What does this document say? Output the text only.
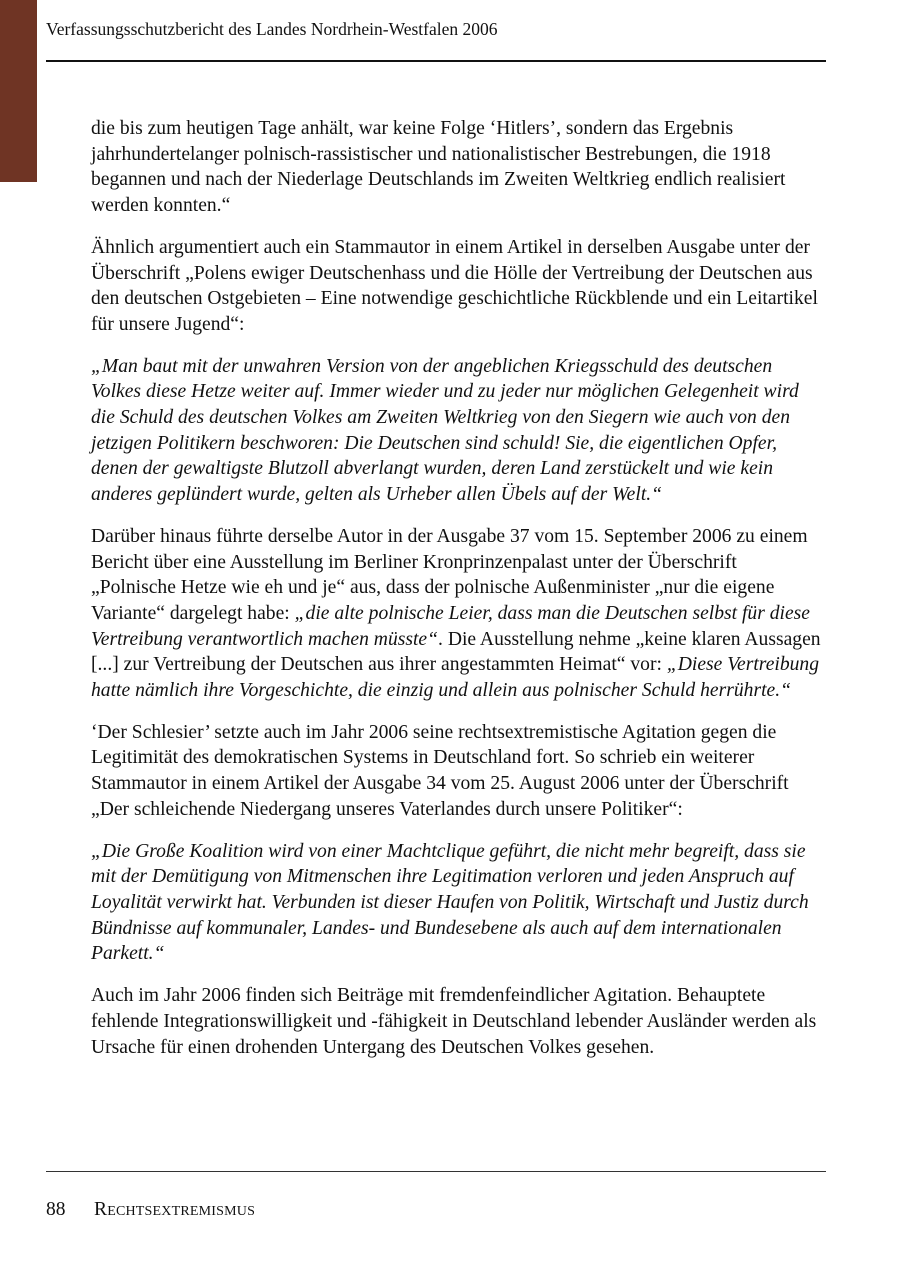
Verfassungsschutzbericht des Landes Nordrhein-Westfalen 2006

die bis zum heutigen Tage anhält, war keine Folge ‘Hitlers’, sondern das Ergebnis jahrhundertelanger polnisch-rassistischer und nationalistischer Bestrebungen, die 1918 begannen und nach der Niederlage Deutschlands im Zweiten Weltkrieg endlich realisiert werden konnten.“

Ähnlich argumentiert auch ein Stammautor in einem Artikel in derselben Ausgabe unter der Überschrift „Polens ewiger Deutschenhass und die Hölle der Vertreibung der Deutschen aus den deutschen Ostgebieten – Eine notwendige geschichtliche Rückblende und ein Leitartikel für unsere Jugend“:

„Man baut mit der unwahren Version von der angeblichen Kriegsschuld des deutschen Volkes diese Hetze weiter auf. Immer wieder und zu jeder nur möglichen Gelegenheit wird die Schuld des deutschen Volkes am Zweiten Weltkrieg von den Siegern wie auch von den jetzigen Politikern beschworen: Die Deutschen sind schuld! Sie, die eigentlichen Opfer, denen der gewaltigste Blutzoll abverlangt wurden, deren Land zerstückelt und wie kein anderes geplündert wurde, gelten als Urheber allen Übels auf der Welt.“

Darüber hinaus führte derselbe Autor in der Ausgabe 37 vom 15. September 2006 zu einem Bericht über eine Ausstellung im Berliner Kronprinzenpalast unter der Überschrift „Polnische Hetze wie eh und je“ aus, dass der polnische Außenminister „nur die eigene Variante“ dargelegt habe: „die alte polnische Leier, dass man die Deutschen selbst für diese Vertreibung verantwortlich machen müsste“. Die Ausstellung nehme „keine klaren Aussagen [...] zur Vertreibung der Deutschen aus ihrer angestammten Heimat“ vor: „Diese Vertreibung hatte nämlich ihre Vorgeschichte, die einzig und allein aus polnischer Schuld herrührte.“

‘Der Schlesier’ setzte auch im Jahr 2006 seine rechtsextremistische Agitation gegen die Legitimität des demokratischen Systems in Deutschland fort. So schrieb ein weiterer Stammautor in einem Artikel der Ausgabe 34 vom 25. August 2006 unter der Überschrift „Der schleichende Niedergang unseres Vaterlandes durch unsere Politiker“:

„Die Große Koalition wird von einer Machtclique geführt, die nicht mehr begreift, dass sie mit der Demütigung von Mitmenschen ihre Legitimation verloren und jeden Anspruch auf Loyalität verwirkt hat. Verbunden ist dieser Haufen von Politik, Wirtschaft und Justiz durch Bündnisse auf kommunaler, Landes- und Bundesebene als auch auf dem internationalen Parkett.“

Auch im Jahr 2006 finden sich Beiträge mit fremdenfeindlicher Agitation. Behauptete fehlende Integrationswilligkeit und -fähigkeit in Deutschland lebender Ausländer werden als Ursache für einen drohenden Untergang des Deutschen Volkes gesehen.

88 Rechtsextremismus
